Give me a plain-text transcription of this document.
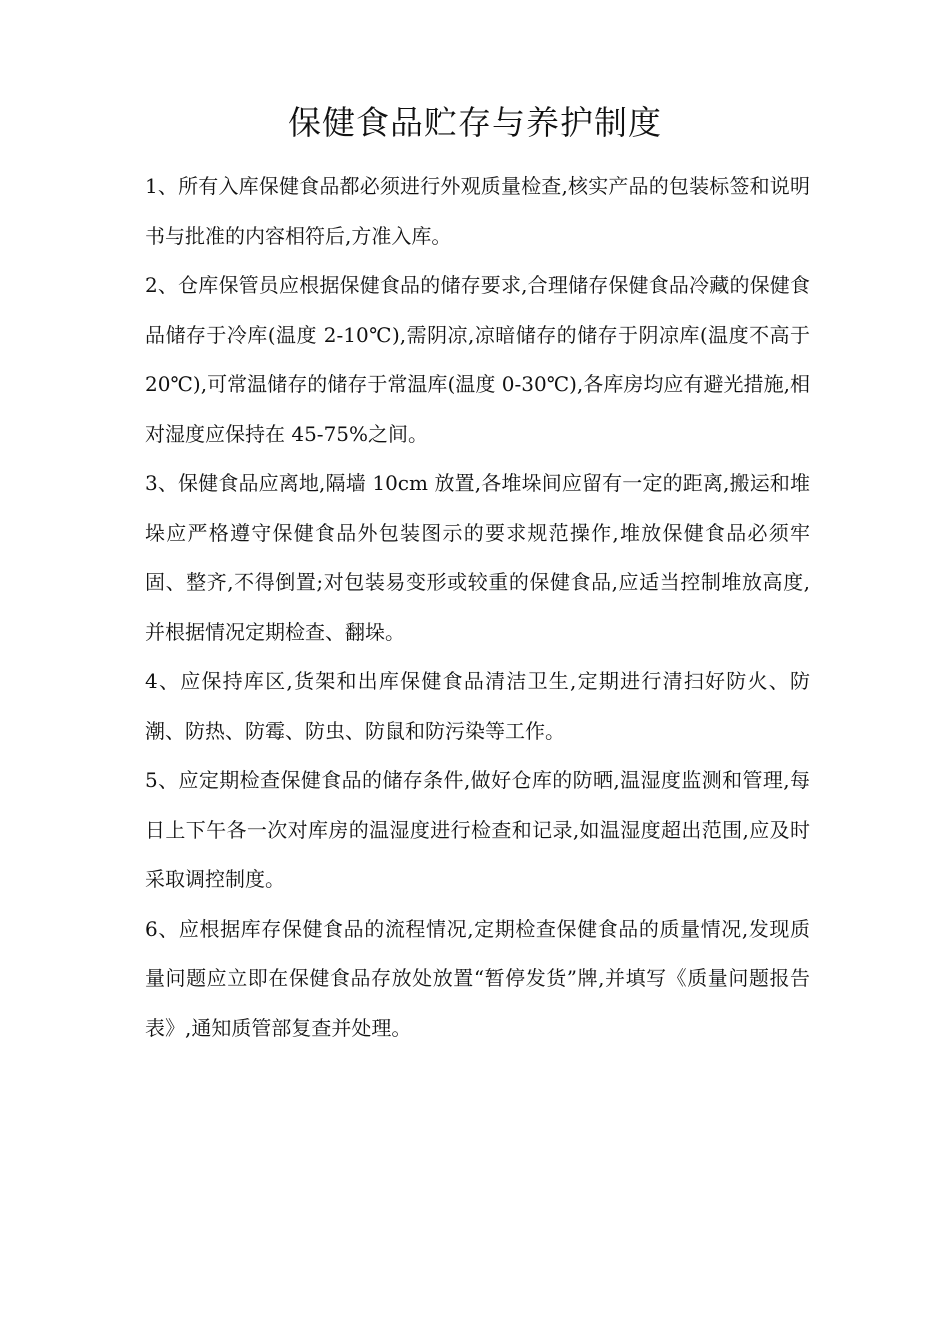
保健食品贮存与养护制度

1、所有入库保健食品都必须进行外观质量检查,核实产品的包装标签和说明书与批准的内容相符后,方准入库。

2、仓库保管员应根据保健食品的储存要求,合理储存保健食品冷藏的保健食品储存于冷库(温度 2-10℃),需阴凉,凉暗储存的储存于阴凉库(温度不高于 20℃),可常温储存的储存于常温库(温度 0-30℃),各库房均应有避光措施,相对湿度应保持在 45-75%之间。

3、保健食品应离地,隔墙 10cm 放置,各堆垛间应留有一定的距离,搬运和堆垛应严格遵守保健食品外包装图示的要求规范操作,堆放保健食品必须牢固、整齐,不得倒置;对包装易变形或较重的保健食品,应适当控制堆放高度,并根据情况定期检查、翻垛。

4、应保持库区,货架和出库保健食品清洁卫生,定期进行清扫好防火、防潮、防热、防霉、防虫、防鼠和防污染等工作。

5、应定期检查保健食品的储存条件,做好仓库的防晒,温湿度监测和管理,每日上下午各一次对库房的温湿度进行检查和记录,如温湿度超出范围,应及时采取调控制度。

6、应根据库存保健食品的流程情况,定期检查保健食品的质量情况,发现质量问题应立即在保健食品存放处放置“暂停发货”牌,并填写《质量问题报告表》,通知质管部复查并处理。
